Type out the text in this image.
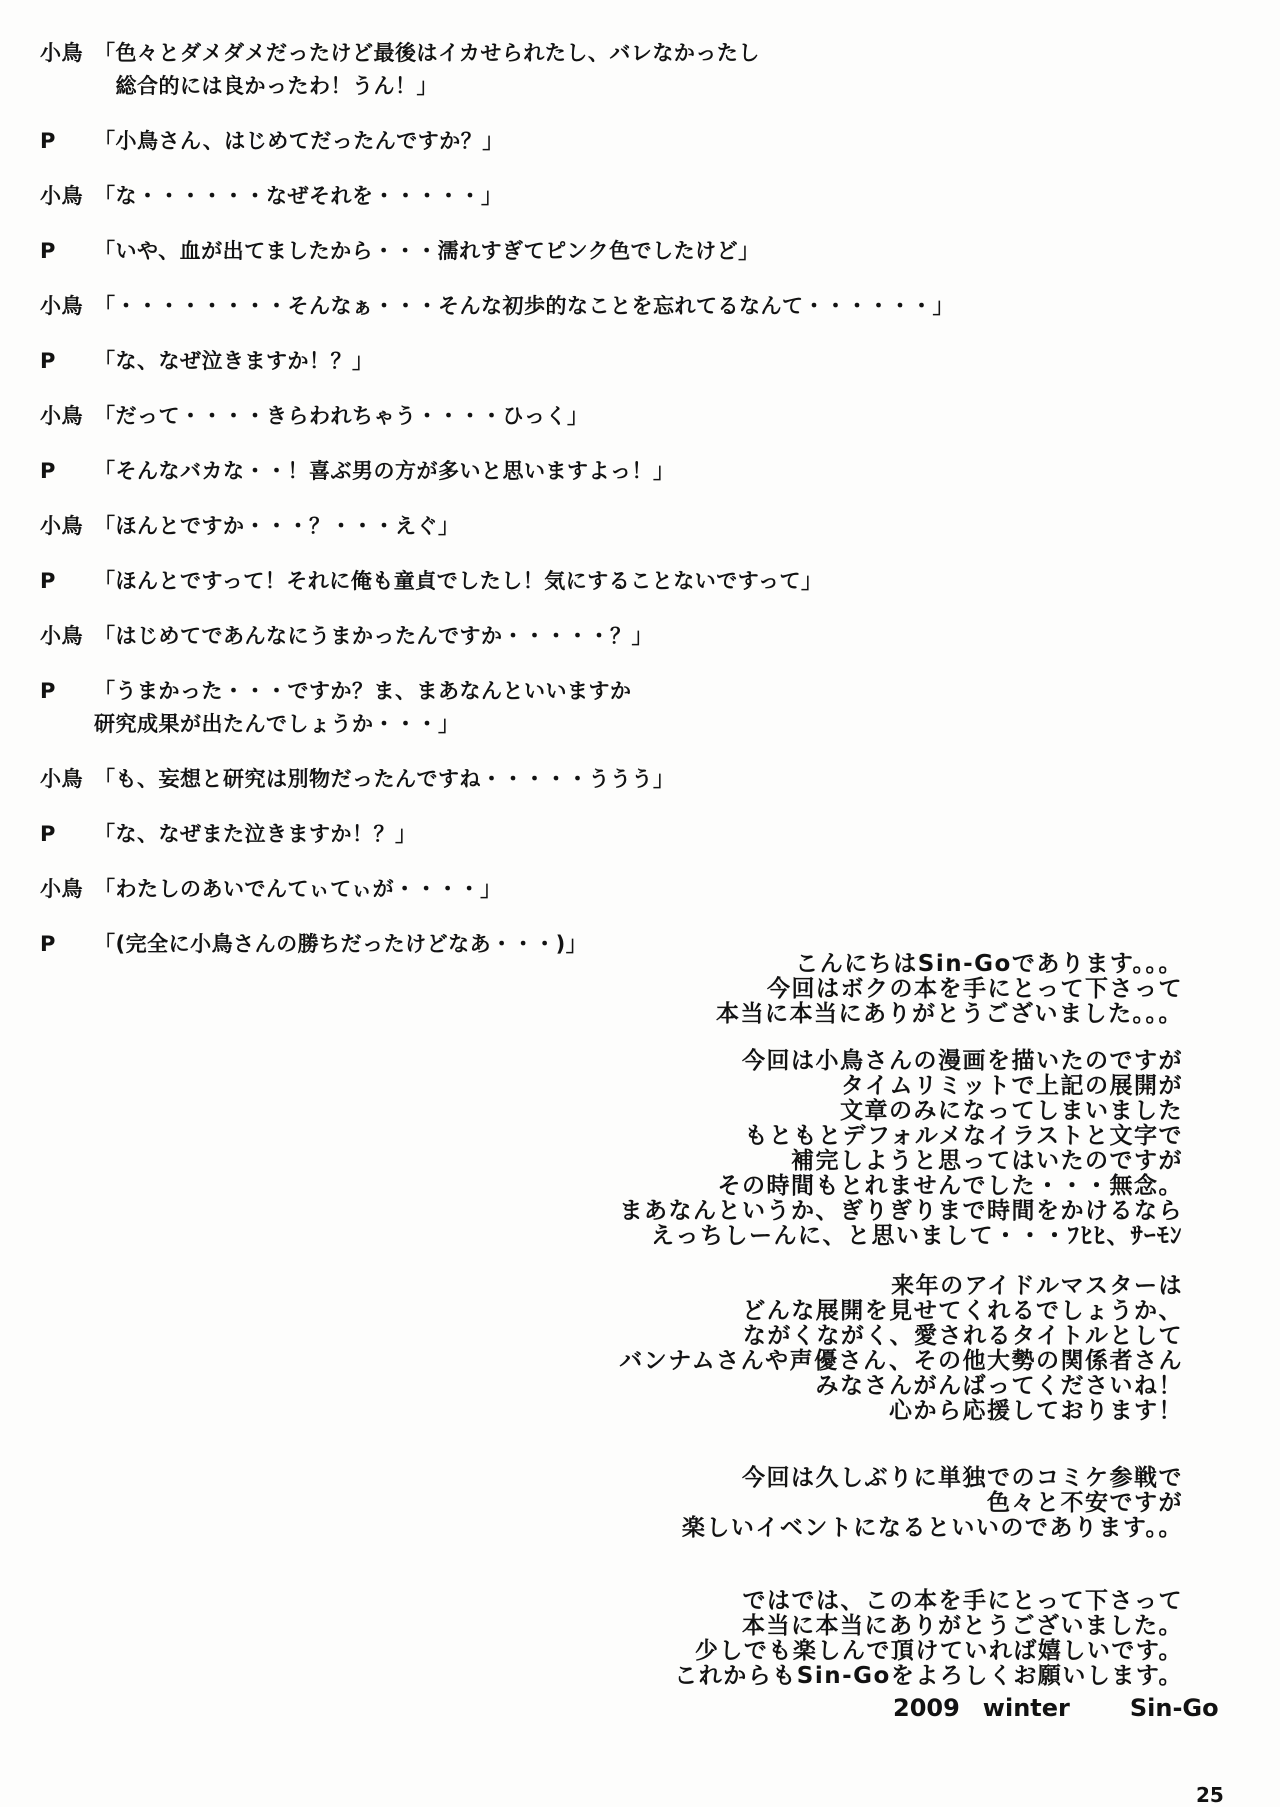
小鳥 「色々とダメダメだったけど最後はイカせられたし、バレなかったし
　総合的には良かったわ！うん！」
P	「小鳥さん、はじめてだったんですか？」
小鳥 「な・・・・・・なぜそれを・・・・・」
P	「いや、血が出てましたから・・・濡れすぎてピンク色でしたけど」
小鳥 「・・・・・・・・そんなぁ・・・そんな初歩的なことを忘れてるなんて・・・・・・」
P	「な、なぜ泣きますか！？」
小鳥 「だって・・・・きらわれちゃう・・・・ひっく」
P	「そんなバカな・・！喜ぶ男の方が多いと思いますよっ！」
小鳥 「ほんとですか・・・？・・・えぐ」
P	「ほんとですって！それに俺も童貞でしたし！気にすることないですって」
小鳥 「はじめてであんなにうまかったんですか・・・・・？」
P	「うまかった・・・ですか？ま、まあなんといいますか
研究成果が出たんでしょうか・・・」
小鳥 「も、妄想と研究は別物だったんですね・・・・・ううう」
P	「な、なぜまた泣きますか！？」
小鳥 「わたしのあいでんてぃてぃが・・・・」
P	「(完全に小鳥さんの勝ちだったけどなあ・・・)」
こんにちはSin-Goであります。。。
今回はボクの本を手にとって下さって
本当に本当にありがとうございました。。。
今回は小鳥さんの漫画を描いたのですが
タイムリミットで上記の展開が
文章のみになってしまいました
もともとデフォルメなイラストと文字で
補完しようと思ってはいたのですが
その時間もとれませんでした・・・無念。
まあなんというか、ぎりぎりまで時間をかけるなら
えっちしーんに、と思いまして・・・ﾌﾋﾋ、ｻｰﾓﾝ
来年のアイドルマスターは
どんな展開を見せてくれるでしょうか、
ながくながく、愛されるタイトルとして
バンナムさんや声優さん、その他大勢の関係者さん
みなさんがんばってくださいね！
心から応援しております！
今回は久しぶりに単独でのコミケ参戦で
色々と不安ですが
楽しいイベントになるといいのであります。。
ではでは、この本を手にとって下さって
本当に本当にありがとうございました。
少しでも楽しんで頂けていれば嬉しいです。
これからもSin-Goをよろしくお願いします。
2009 winter	Sin-Go
25
